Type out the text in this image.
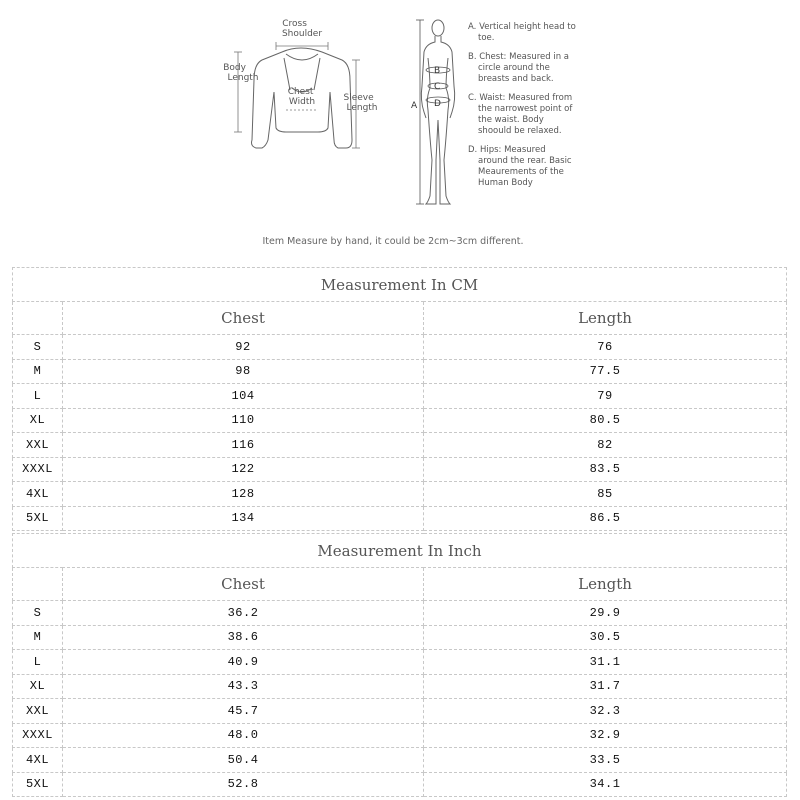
Cross Shoulder
Body Length
Chest Width	Sleeve Length	A
B
C
D

A. Vertical height head to toe.

B. Chest: Measured in a circle around the breasts and back.

C. Waist: Measured from the narrowest point of the waist. Body shoould be relaxed.

D. Hips: Measured around the rear. Basic Meaurements of the Human Body

Item Measure by hand, it could be 2cm~3cm different.
Measurement In CM		
	Chest	Length
S	92	76
M	98	77.5
L	104	79
XL	110	80.5
XXL	116	82
XXXL	122	83.5
4XL	128	85
5XL	134	86.5
Measurement In Inch		
	Chest	Length
S	36.2	29.9
M	38.6	30.5
L	40.9	31.1
XL	43.3	31.7
XXL	45.7	32.3
XXXL	48.0	32.9
4XL	50.4	33.5
5XL	52.8	34.1
